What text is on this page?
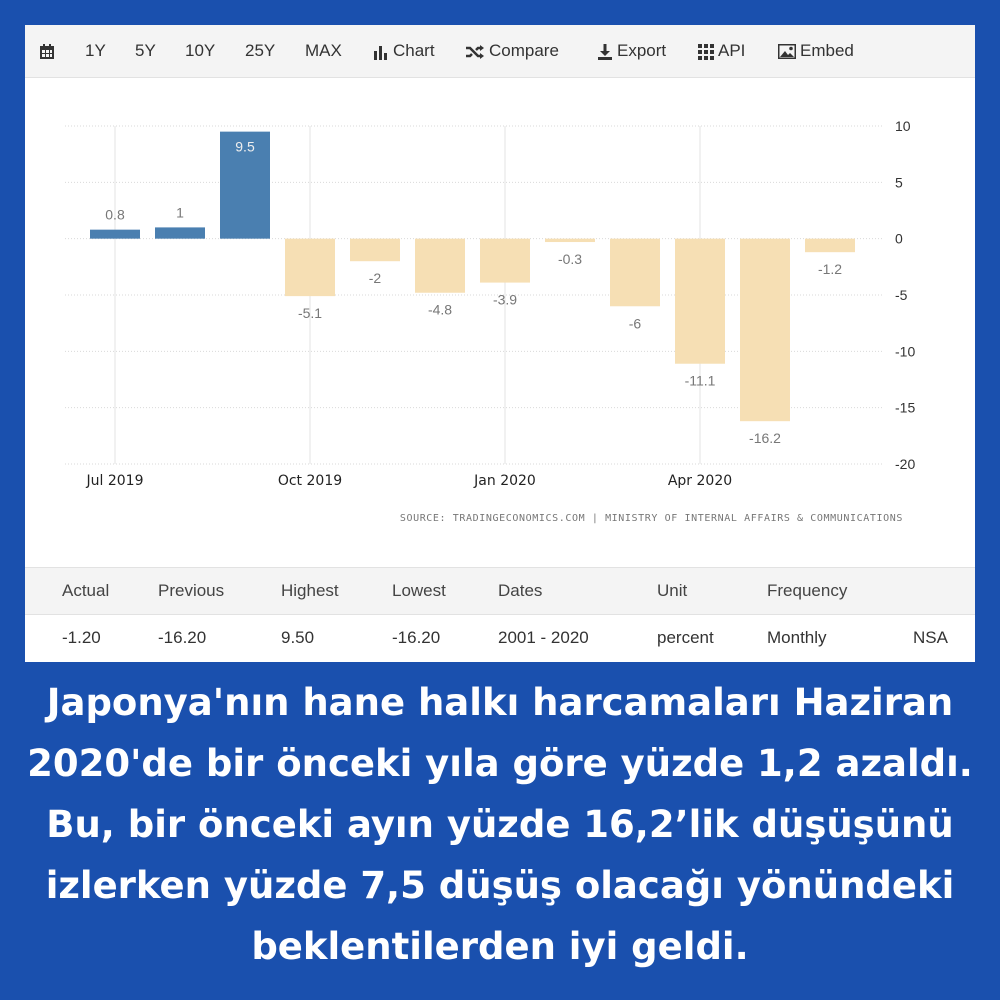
1Y 5Y 10Y 25Y MAX	Chart	Compare	Export	API	Embed
10
5
0
-5
-10
-15
-20
Jul 2019	Oct 2019	Jan 2020	Apr 2020
0.8	1
9.5
-5.1
-2
-4.8
-3.9
-0.3
-6
-11.1
-16.2
-1.2
SOURCE: TRADINGECONOMICS.COM | MINISTRY OF INTERNAL AFFAIRS & COMMUNICATIONS
Actual	Previous	Highest	Lowest	Dates	Unit	Frequency
-1.20	-16.20	9.50	-16.20	2001 - 2020	percent	Monthly	NSA
Japonya'nın hane halkı harcamaları Haziran
2020'de bir önceki yıla göre yüzde 1,2 azaldı.
Bu, bir önceki ayın yüzde 16,2’lik düşüşünü
izlerken yüzde 7,5 düşüş olacağı yönündeki
beklentilerden iyi geldi.
